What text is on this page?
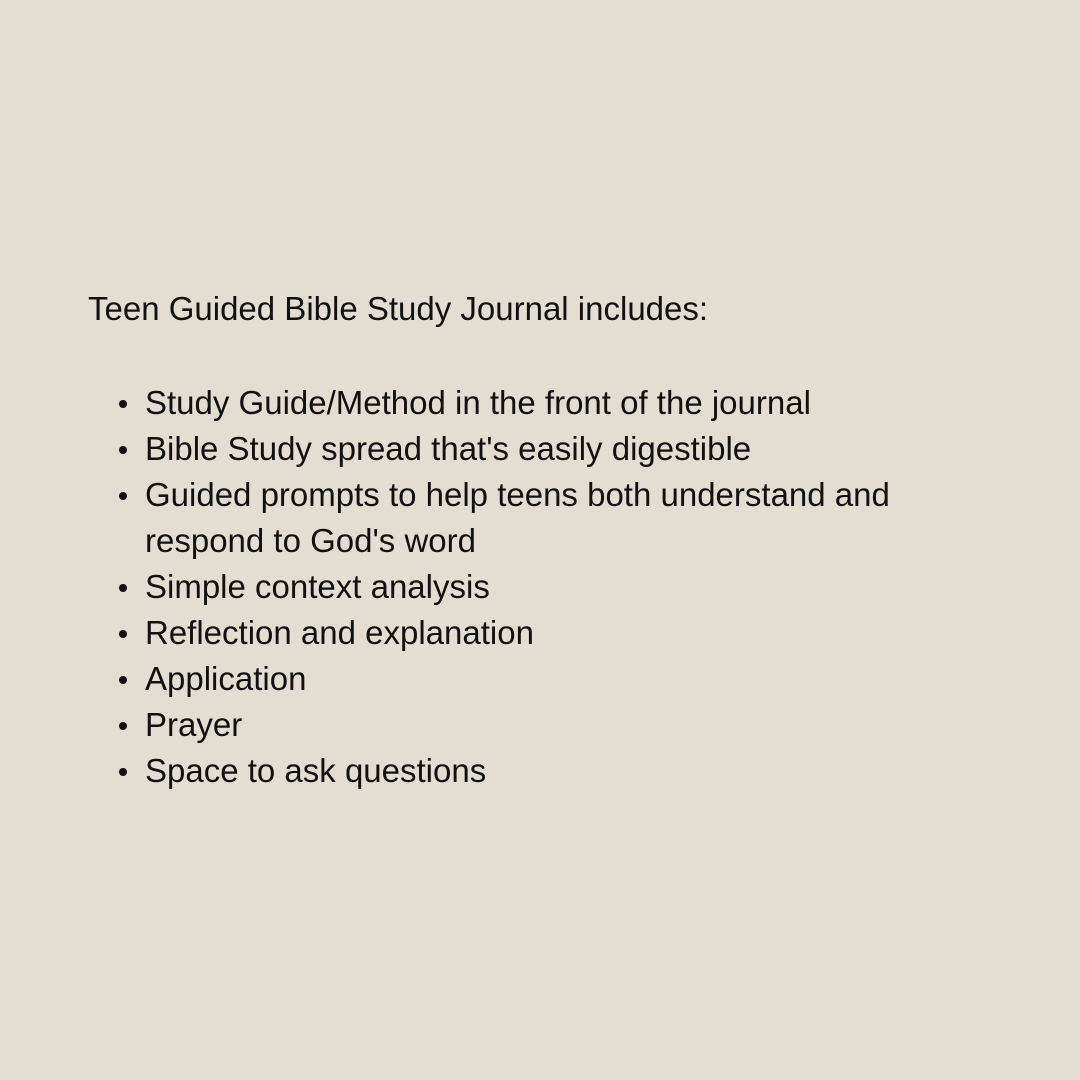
Teen Guided Bible Study Journal includes:
Study Guide/Method in the front of the journal
Bible Study spread that's easily digestible
Guided prompts to help teens both understand and respond to God's word
Simple context analysis
Reflection and explanation
Application
Prayer
Space to ask questions
